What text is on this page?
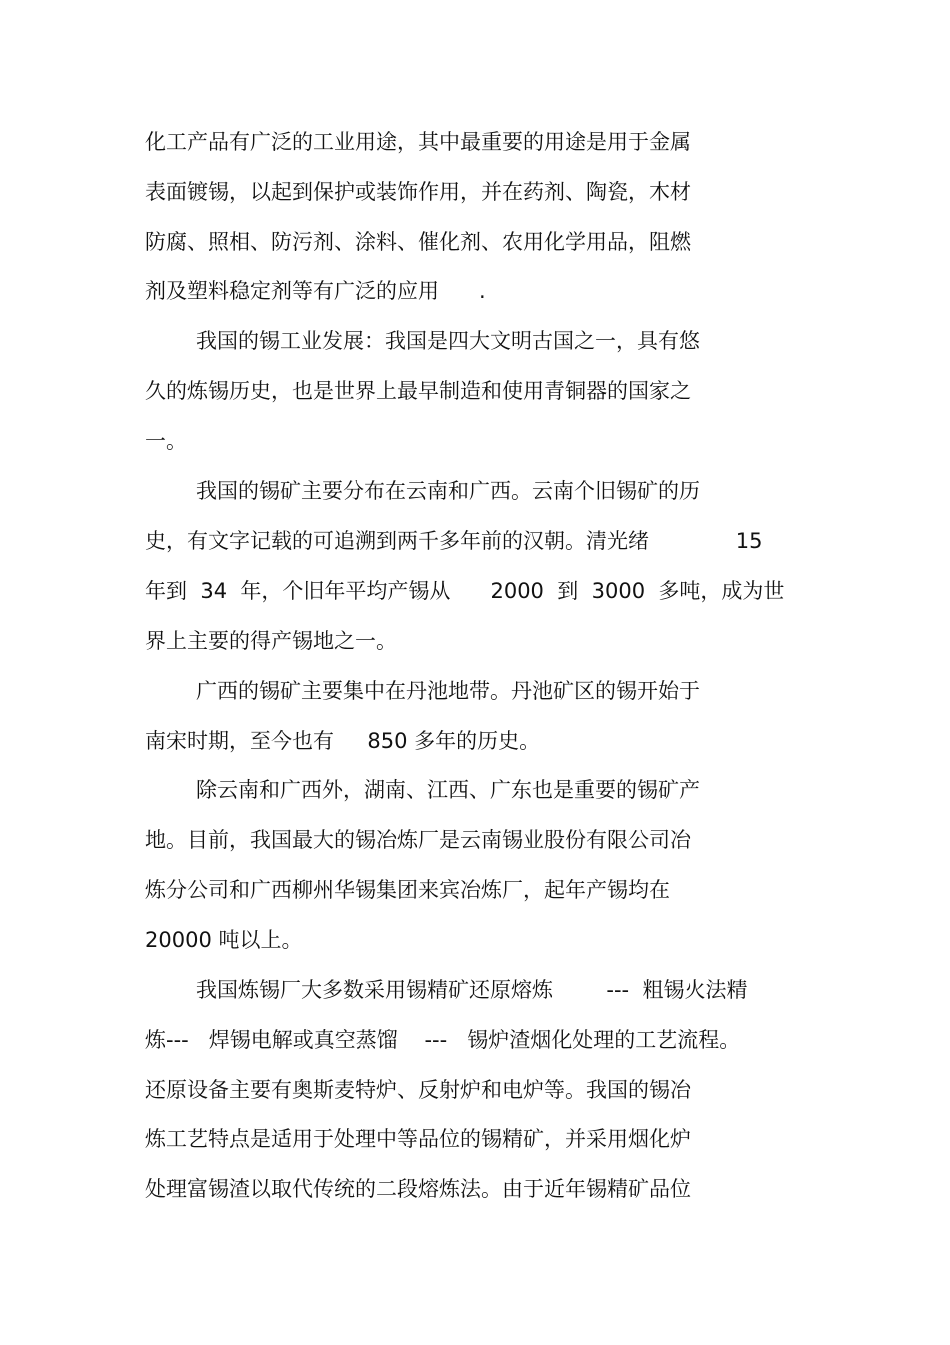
化工产品有广泛的工业用途，其中最重要的用途是用于金属
表面镀锡，以起到保护或装饰作用，并在药剂、陶瓷，木材
防腐、照相、防污剂、涂料、催化剂、农用化学用品，阻燃
剂及塑料稳定剂等有广泛的应用      .
我国的锡工业发展：我国是四大文明古国之一，具有悠
久的炼锡历史，也是世界上最早制造和使用青铜器的国家之
一。
我国的锡矿主要分布在云南和广西。云南个旧锡矿的历
史，有文字记载的可追溯到两千多年前的汉朝。清光绪             15
年到  34  年，个旧年平均产锡从      2000  到  3000  多吨，成为世
界上主要的得产锡地之一。
广西的锡矿主要集中在丹池地带。丹池矿区的锡开始于
南宋时期，至今也有     850 多年的历史。
除云南和广西外，湖南、江西、广东也是重要的锡矿产
地。目前，我国最大的锡冶炼厂是云南锡业股份有限公司冶
炼分公司和广西柳州华锡集团来宾冶炼厂，起年产锡均在
20000 吨以上。
我国炼锡厂大多数采用锡精矿还原熔炼        ---  粗锡火法精
炼---   焊锡电解或真空蒸馏    ---   锡炉渣烟化处理的工艺流程。
还原设备主要有奥斯麦特炉、反射炉和电炉等。我国的锡冶
炼工艺特点是适用于处理中等品位的锡精矿，并采用烟化炉
处理富锡渣以取代传统的二段熔炼法。由于近年锡精矿品位
